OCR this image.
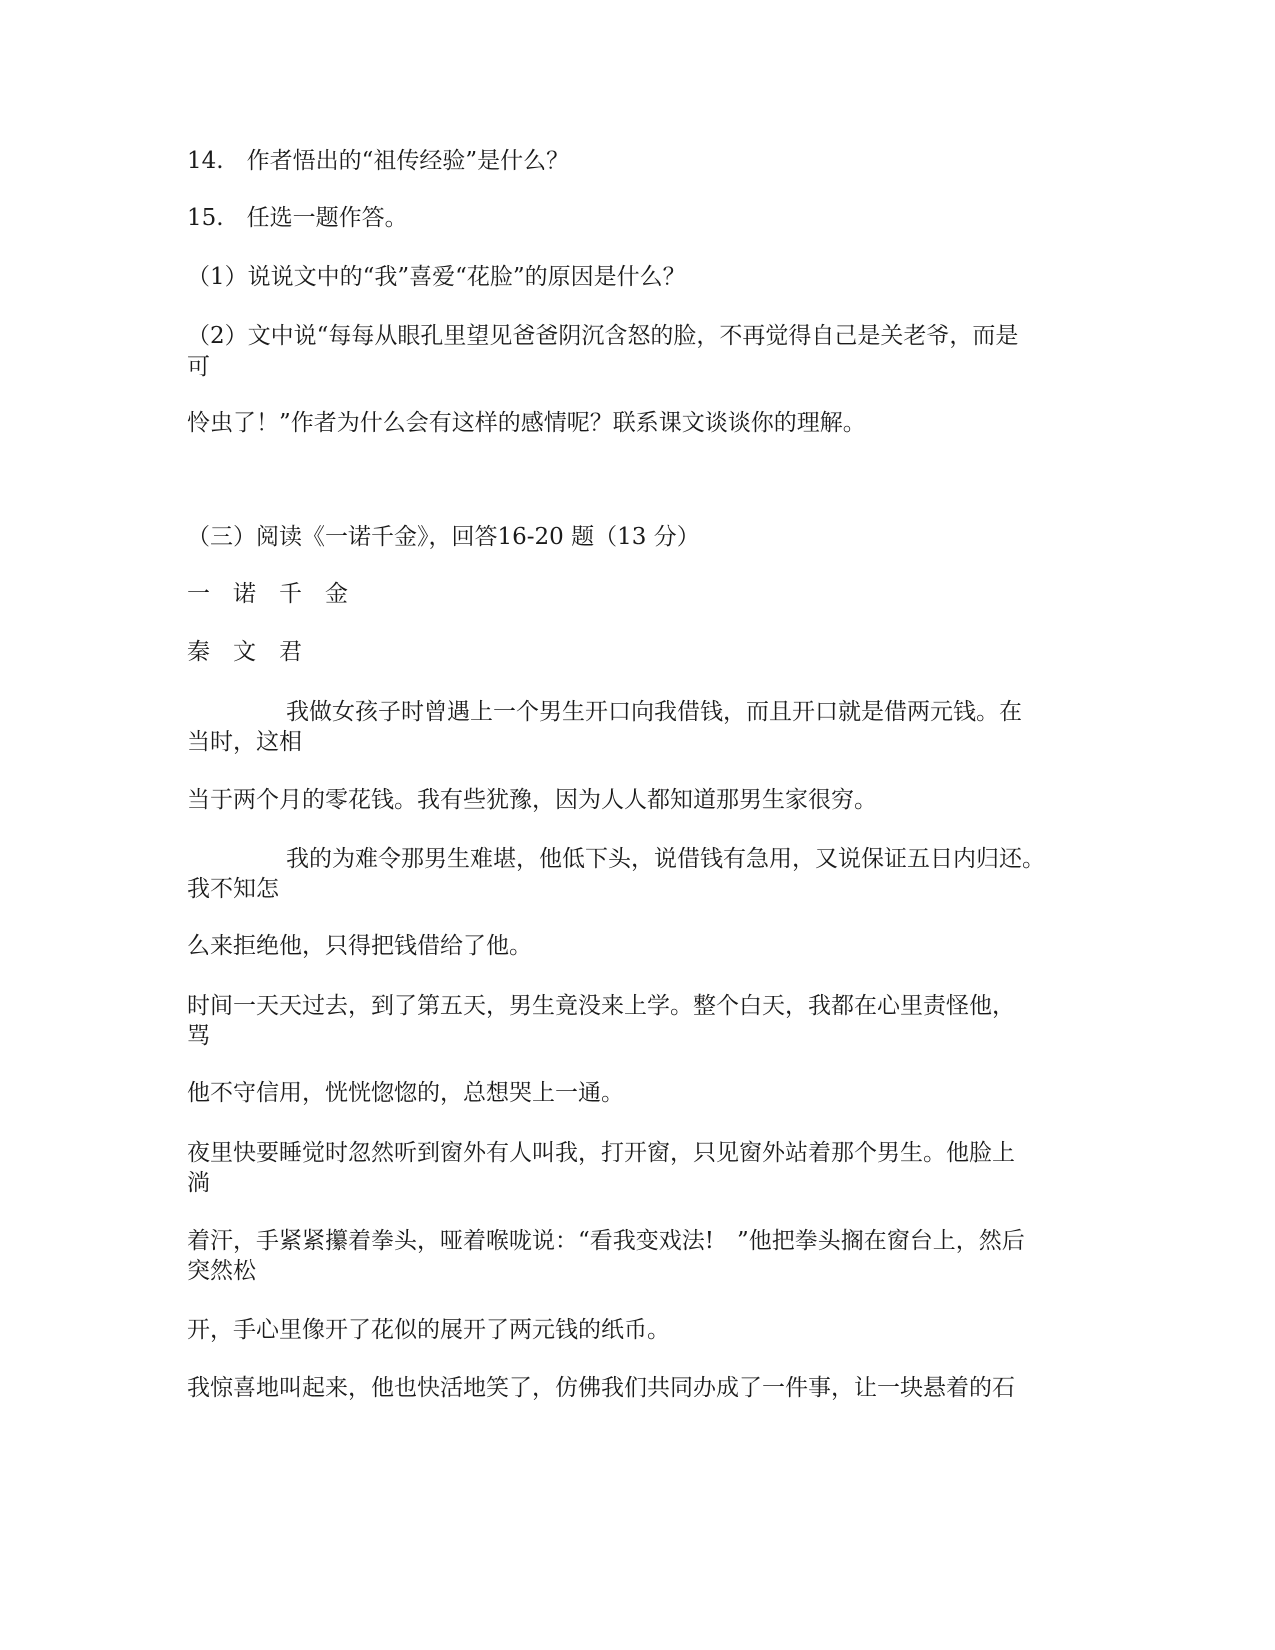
14.　作者悟出的“祖传经验”是什么？
15.　任选一题作答。
（1）说说文中的“我”喜爱“花脸”的原因是什么？
（2）文中说“每每从眼孔里望见爸爸阴沉含怒的脸，不再觉得自己是关老爷，而是
可
怜虫了！”作者为什么会有这样的感情呢？联系课文谈谈你的理解。
（三）阅读《一诺千金》，回答16-20 题（13 分）
一　诺　千　金
秦　文　君
我做女孩子时曾遇上一个男生开口向我借钱，而且开口就是借两元钱。在
当时，这相
当于两个月的零花钱。我有些犹豫，因为人人都知道那男生家很穷。
我的为难令那男生难堪，他低下头，说借钱有急用，又说保证五日内归还。
我不知怎
么来拒绝他，只得把钱借给了他。
时间一天天过去，到了第五天，男生竟没来上学。整个白天，我都在心里责怪他，
骂
他不守信用，恍恍惚惚的，总想哭上一通。
夜里快要睡觉时忽然听到窗外有人叫我，打开窗，只见窗外站着那个男生。他脸上
淌
着汗，手紧紧攥着拳头，哑着喉咙说：“看我变戏法!　”他把拳头搁在窗台上，然后
突然松
开，手心里像开了花似的展开了两元钱的纸币。
我惊喜地叫起来，他也快活地笑了，仿佛我们共同办成了一件事，让一块悬着的石
